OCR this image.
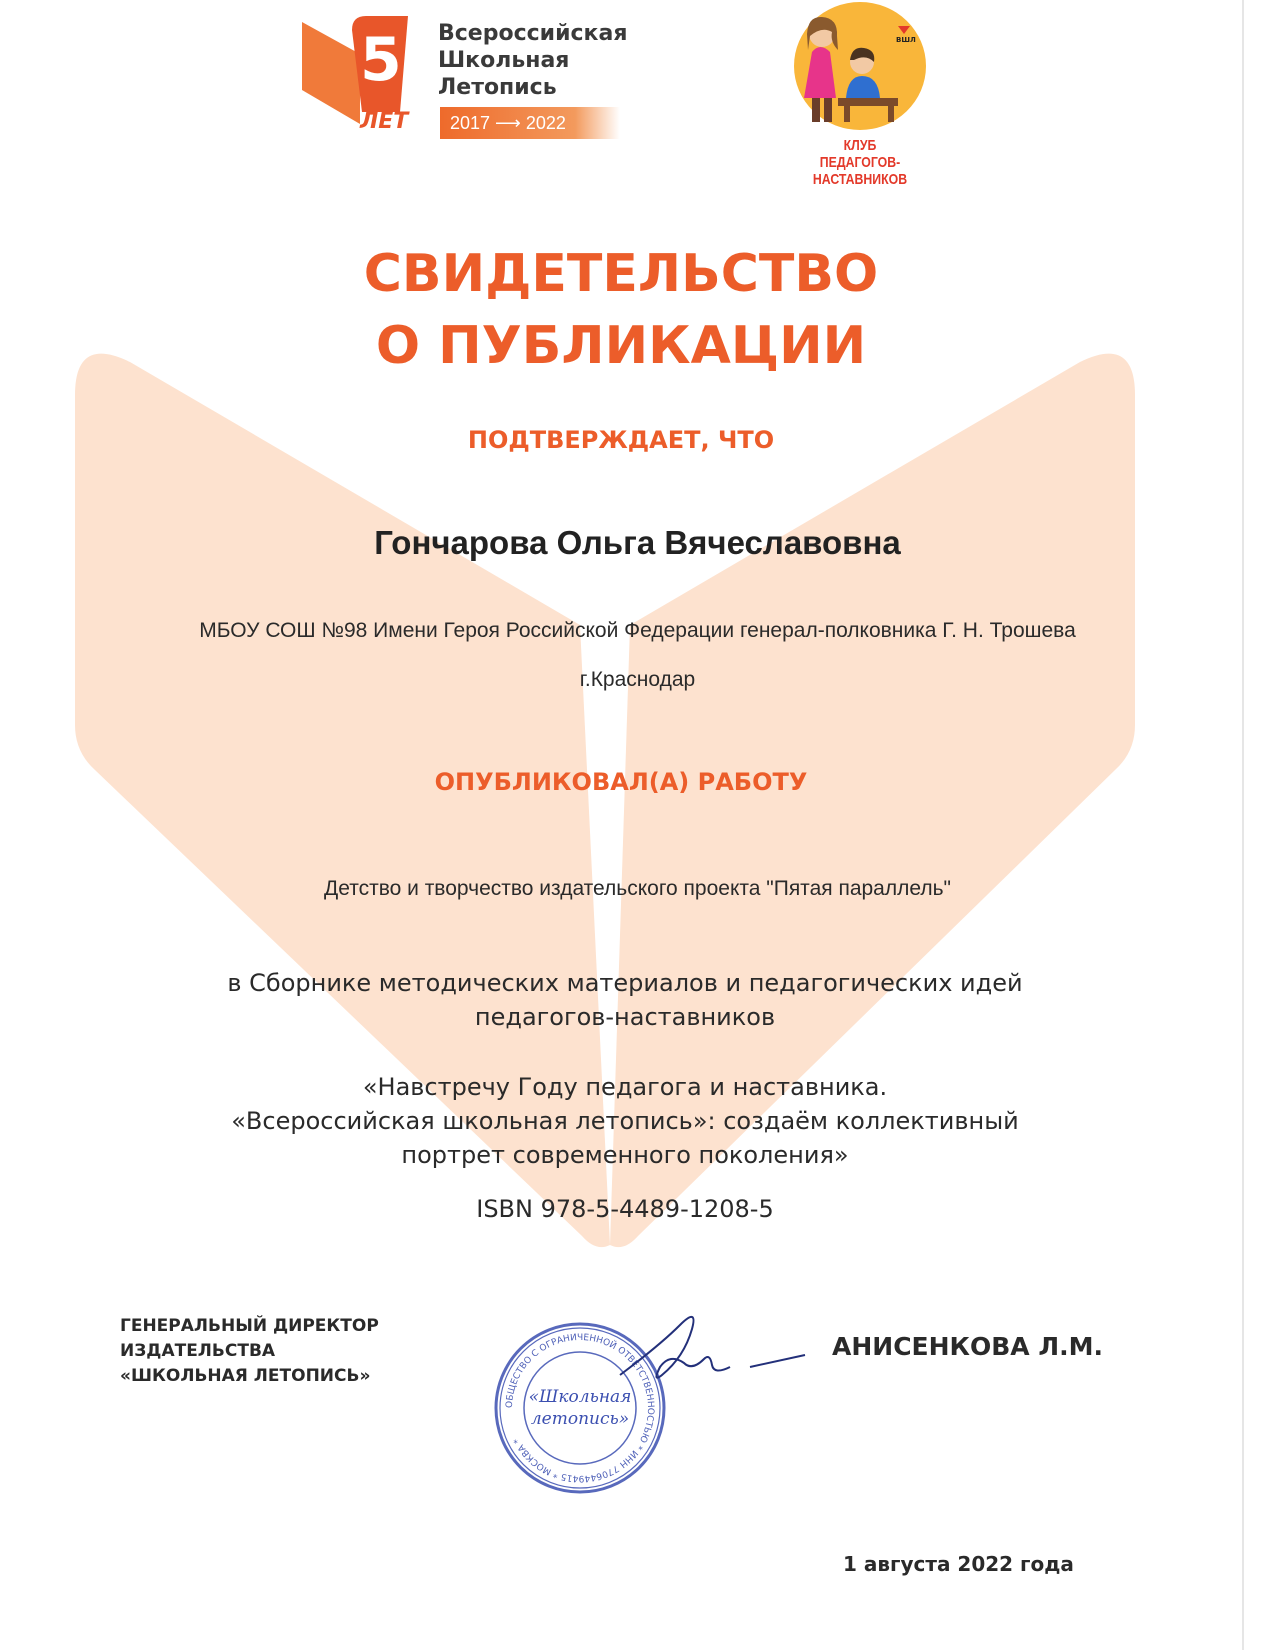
5
ЛЕТ
Всероссийская
Школьная
Летопись
2017 ⟶ 2022
ВШЛ
КЛУБ
ПЕДАГОГОВ-НАСТАВНИКОВ
СВИДЕТЕЛЬСТВО
О ПУБЛИКАЦИИ
ПОДТВЕРЖДАЕТ, ЧТО
Гончарова Ольга Вячеславовна
МБОУ СОШ №98 Имени Героя Российской Федерации генерал-полковника Г. Н. Трошева
г.Краснодар
ОПУБЛИКОВАЛ(А) РАБОТУ
Детство и творчество издательского проекта "Пятая параллель"
в Сборнике методических материалов и педагогических идей
педагогов-наставников
«Навстречу Году педагога и наставника.
«Всероссийская школьная летопись»: создаём коллективный
портрет современного поколения»
ISBN 978-5-4489-1208-5
ГЕНЕРАЛЬНЫЙ ДИРЕКТОР
ИЗДАТЕЛЬСТВА
«ШКОЛЬНАЯ ЛЕТОПИСЬ»
ОБЩЕСТВО С ОГРАНИЧЕННОЙ ОТВЕТСТВЕННОСТЬЮ * ИНН 7706449415 * МОСКВА *
«Школьная
летопись»
АНИСЕНКОВА Л.М.
1 августа 2022 года
